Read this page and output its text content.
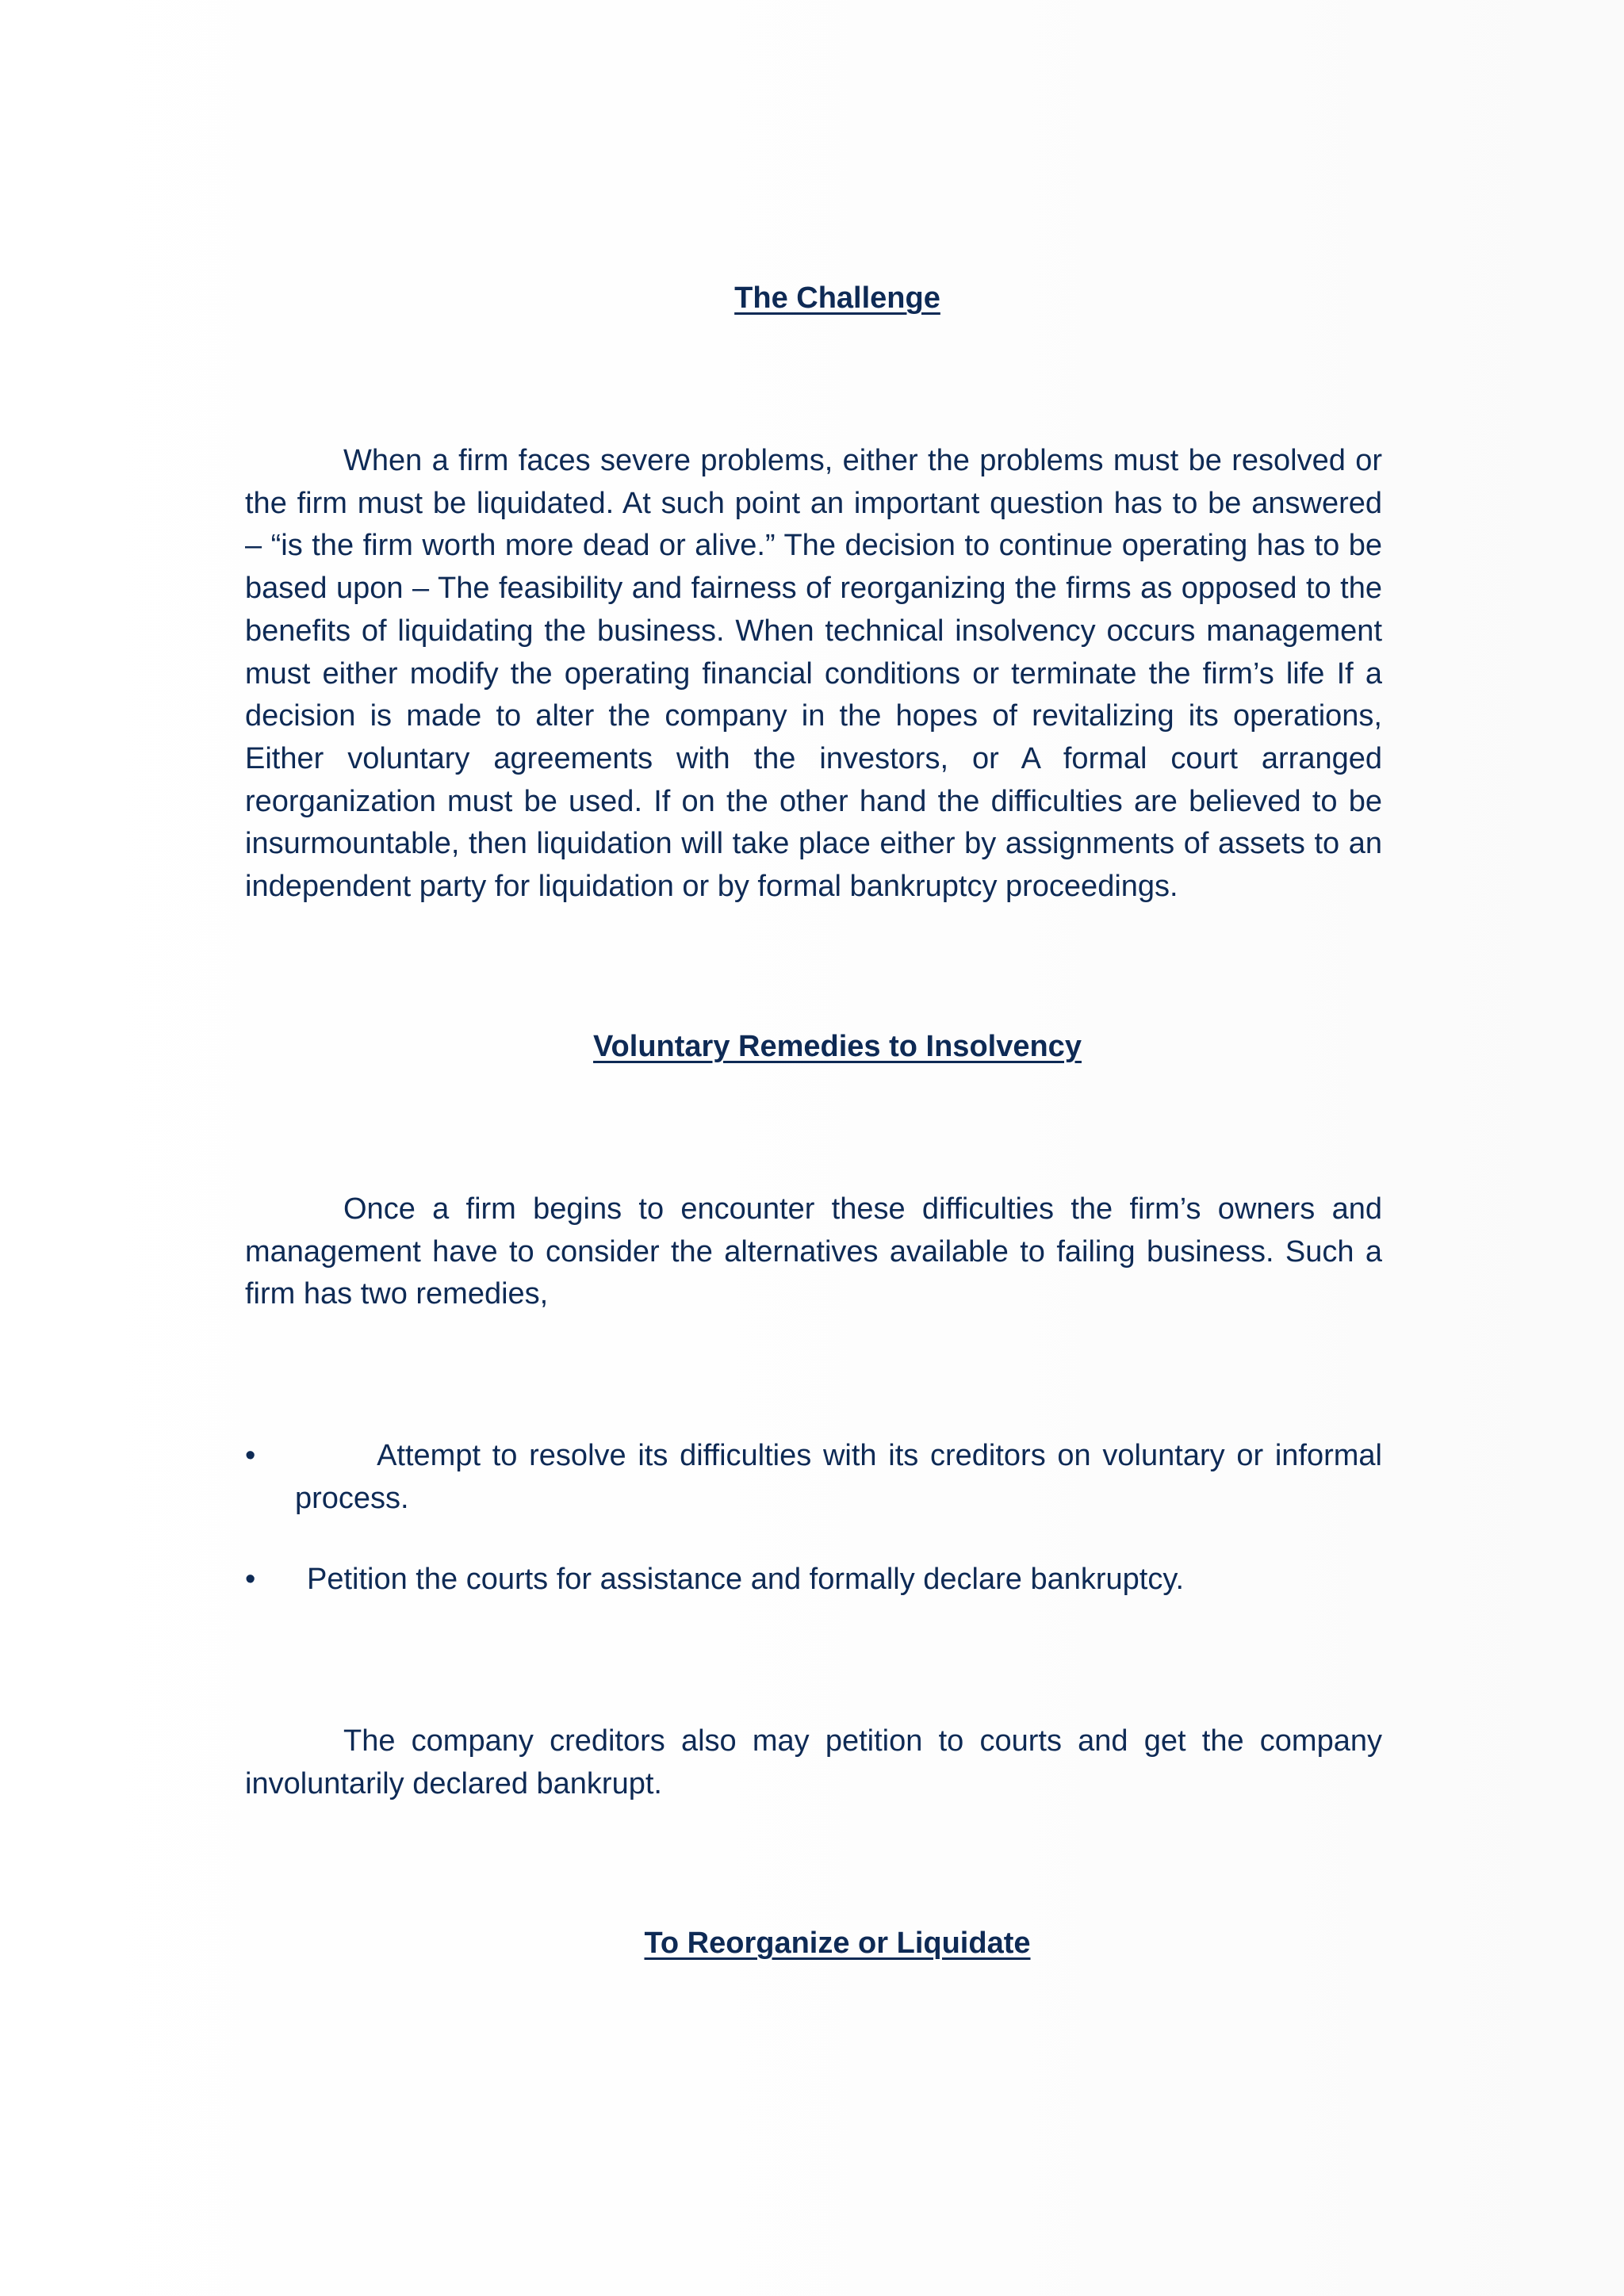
The Challenge

When a firm faces severe problems, either the problems must be resolved or the firm must be liquidated. At such point an important question has to be answered – “is the firm worth more dead or alive.” The decision to continue operating has to be based upon – The feasibility and fairness of reorganizing the firms as opposed to the benefits of liquidating the business. When technical insolvency occurs management must either modify the operating financial conditions or terminate the firm’s life If a decision is made to alter the company in the hopes of revitalizing its operations, Either voluntary agreements with the investors, or A formal court arranged reorganization must be used. If on the other hand the difficulties are believed to be insurmountable, then liquidation will take place either by assignments of assets to an independent party for liquidation or by formal bankruptcy proceedings.

Voluntary Remedies to Insolvency

Once a firm begins to encounter these difficulties the firm’s owners and management have to consider the alternatives available to failing business. Such a firm has two remedies,

• Attempt to resolve its difficulties with its creditors on voluntary or informal process.
• Petition the courts for assistance and formally declare bankruptcy.

The company creditors also may petition to courts and get the company involuntarily declared bankrupt.

To Reorganize or Liquidate
